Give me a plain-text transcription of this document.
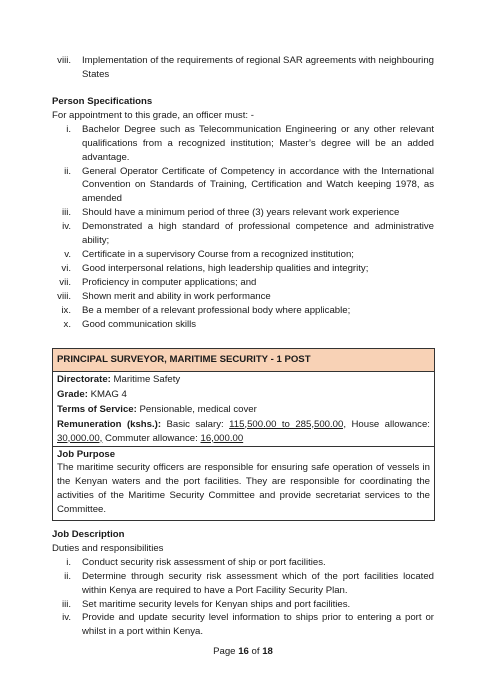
viii.	Implementation of the requirements of regional SAR agreements with neighbouring States
Person Specifications
For appointment to this grade, an officer must: -
i.	Bachelor Degree such as Telecommunication Engineering or any other relevant qualifications from a recognized institution; Master’s degree will be an added advantage.
ii.	General Operator Certificate of Competency in accordance with the International Convention on Standards of Training, Certification and Watch keeping 1978, as amended
iii.	Should have a minimum period of three (3) years relevant work experience
iv.	Demonstrated a high standard of professional competence and administrative ability;
v.	Certificate in a supervisory Course from a recognized institution;
vi.	Good interpersonal relations, high leadership qualities and integrity;
vii.	Proficiency in computer applications; and
viii.	Shown merit and ability in work performance
ix.	Be a member of a relevant professional body where applicable;
x.	Good communication skills
PRINCIPAL SURVEYOR, MARITIME SECURITY - 1 POST
Directorate: Maritime Safety
Grade: KMAG 4
Terms of Service: Pensionable, medical cover
Remuneration (kshs.): Basic salary: 115,500.00 to 285,500.00, House allowance: 30,000.00, Commuter allowance: 16,000.00
Job Purpose
The maritime security officers are responsible for ensuring safe operation of vessels in the Kenyan waters and the port facilities. They are responsible for coordinating the activities of the Maritime Security Committee and provide secretariat services to the Committee.
Job Description
Duties and responsibilities
i.	Conduct security risk assessment of ship or port facilities.
ii.	Determine through security risk assessment which of the port facilities located within Kenya are required to have a Port Facility Security Plan.
iii.	Set maritime security levels for Kenyan ships and port facilities.
iv.	Provide and update security level information to ships prior to entering a port or whilst in a port within Kenya.
Page 16 of 18
